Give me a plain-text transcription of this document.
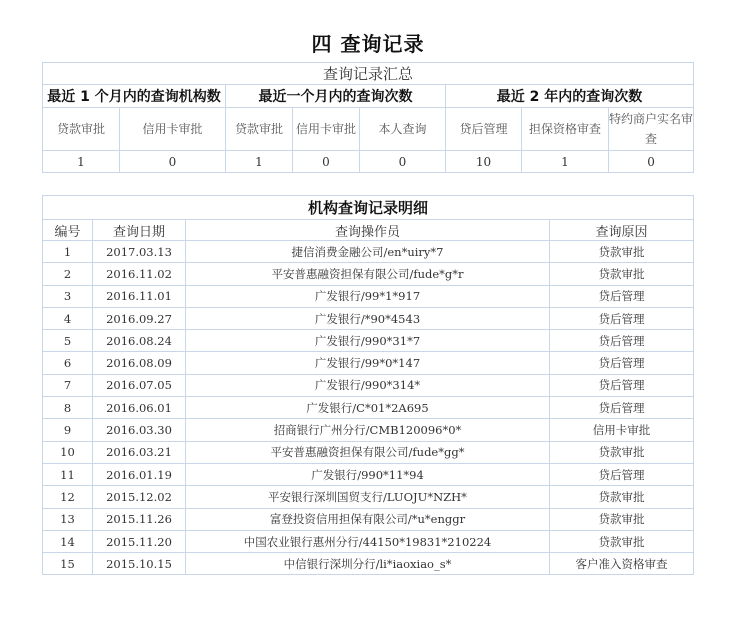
四 查询记录
查询记录汇总							
最近 1 个月内的查询机构数		最近一个月内的查询次数			最近 2 年内的查询次数		
贷款审批	信用卡审批	贷款审批	信用卡审批	本人查询	贷后管理	担保资格审查	特约商户实名审查
1	0	1	0	0	10	1	0
机构查询记录明细			
编号	查询日期	查询操作员	查询原因
1	2017.03.13	捷信消费金融公司/en*uiry*7	贷款审批
2	2016.11.02	平安普惠融资担保有限公司/fude*g*r	贷款审批
3	2016.11.01	广发银行/99*1*917	贷后管理
4	2016.09.27	广发银行/*90*4543	贷后管理
5	2016.08.24	广发银行/990*31*7	贷后管理
6	2016.08.09	广发银行/99*0*147	贷后管理
7	2016.07.05	广发银行/990*314*	贷后管理
8	2016.06.01	广发银行/C*01*2A695	贷后管理
9	2016.03.30	招商银行广州分行/CMB120096*0*	信用卡审批
10	2016.03.21	平安普惠融资担保有限公司/fude*gg*	贷款审批
11	2016.01.19	广发银行/990*11*94	贷后管理
12	2015.12.02	平安银行深圳国贸支行/LUOJU*NZH*	贷款审批
13	2015.11.26	富登投资信用担保有限公司/*u*enggr	贷款审批
14	2015.11.20	中国农业银行惠州分行/44150*19831*210224	贷款审批
15	2015.10.15	中信银行深圳分行/li*iaoxiao_s*	客户准入资格审查
